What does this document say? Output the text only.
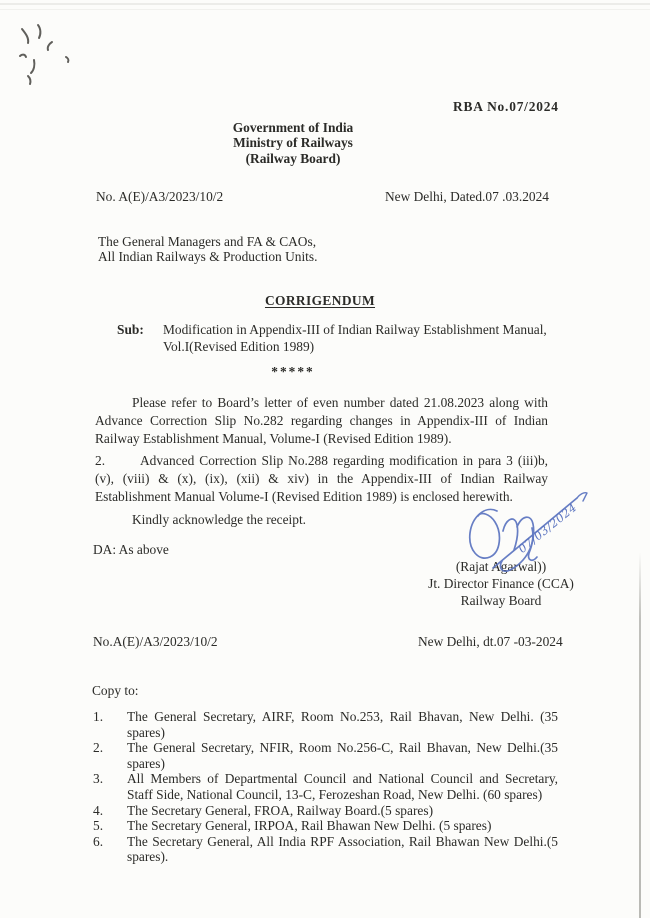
RBA No.07/2024
Government of India
Ministry of Railways
(Railway Board)
No. A(E)/A3/2023/10/2	New Delhi, Dated.07 .03.2024
The General Managers and FA & CAOs,
All Indian Railways & Production Units.
CORRIGENDUM
Sub:	Modification in Appendix-III of Indian Railway Establishment Manual, Vol.I(Revised Edition 1989)
*****

Please refer to Board’s letter of even number dated 21.08.2023 along with Advance Correction Slip No.282 regarding changes in Appendix-III of Indian Railway Establishment Manual, Volume-I (Revised Edition 1989).

2.	Advanced Correction Slip No.288 regarding modification in para 3 (iii)b, (v), (viii) & (x), (ix), (xii) & xiv) in the Appendix-III of Indian Railway Establishment Manual Volume-I (Revised Edition 1989) is enclosed herewith.

Kindly acknowledge the receipt.
DA: As above	07/03/2024
(Rajat Agarwal))
Jt. Director Finance (CCA)
Railway Board
No.A(E)/A3/2023/10/2	New Delhi, dt.07 -03-2024
Copy to:
1.	The General Secretary, AIRF, Room No.253, Rail Bhavan, New Delhi. (35 spares)
2.	The General Secretary, NFIR, Room No.256-C, Rail Bhavan, New Delhi.(35 spares)
3.	All Members of Departmental Council and National Council and Secretary, Staff Side, National Council, 13-C, Ferozeshan Road, New Delhi. (60 spares)
4.	The Secretary General, FROA, Railway Board.(5 spares)
5.	The Secretary General, IRPOA, Rail Bhawan New Delhi. (5 spares)
6.	The Secretary General, All India RPF Association, Rail Bhawan New Delhi.(5 spares).
